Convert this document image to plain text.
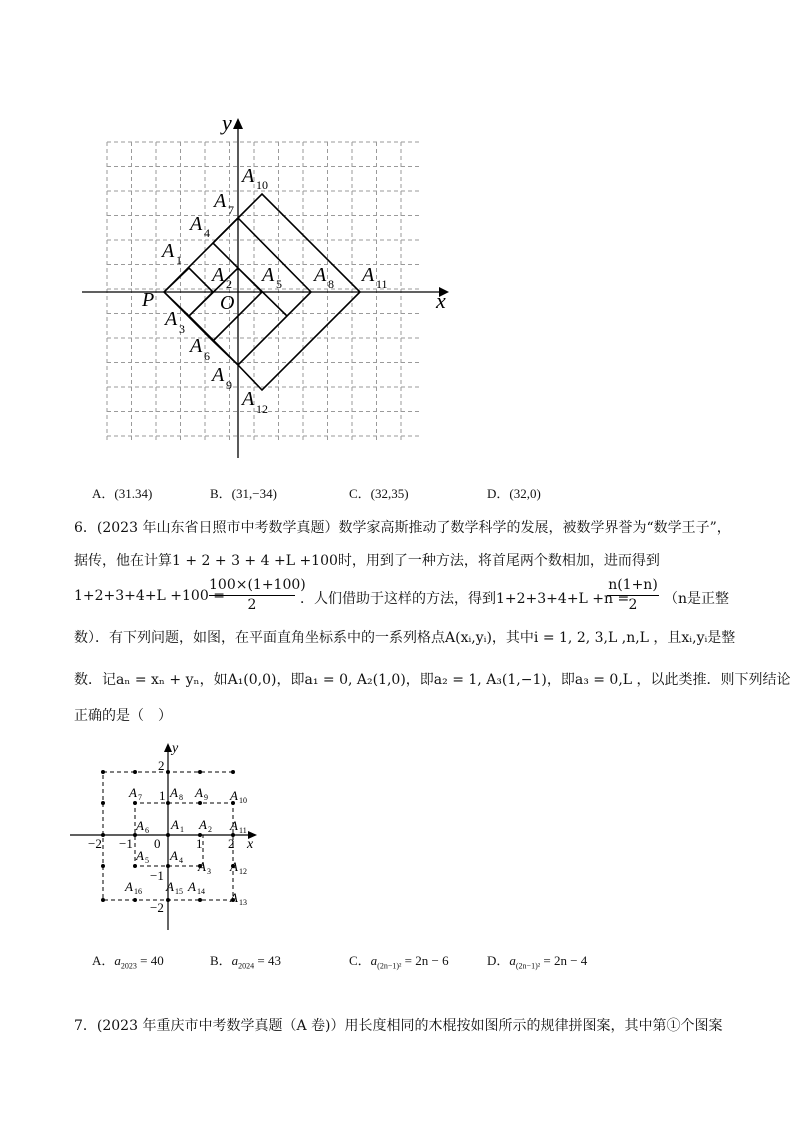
y
x
P	O
A 1
A 2
A 3
A 4
A 5
A 6
A 7
A 8
A 9
A 10
A 11
A 12
A．(31.34)	B．(31,−34)	C．(32,35)	D．(32,0)
6．(2023 年山东省日照市中考数学真题）数学家高斯推动了数学科学的发展，被数学界誉为“数学王子”，
据传，他在计算1 + 2 + 3 + 4 +L +100时，用到了一种方法，将首尾两个数相加，进而得到
1+2+3+4+L +100 =
$\frac{100\times(1+100)}{2}$ ．人们借助于这样的方法，得到1+2+3+4+L +n =
$\frac{n(1+n)}{2} (n$是正整
数）．有下列问题，如图，在平面直角坐标系中的一系列格点A(xᵢ,yᵢ)，其中i = 1, 2, 3,L ,n,L ，且xᵢ,yᵢ是整
数．记aₙ = xₙ + yₙ，如A₁(0,0)，即a₁ = 0, A₂(1,0)，即a₂ = 1, A₃(1,−1)，即a₃ = 0,L ，以此类推．则下列结论
正确的是（　）
y
x
2
1
0
−2 −1	1 2
−1
−2
A 1 A 2
A 3
A 4
A 5
A 6
A 7 A 8 A 9 A 10
A 11
A 12
A 13
A 14
A 15
A 16
A．$a_{2023} = 40$	B．$a_{2024} = 43$	C．$a_{(2n-1)^2} = 2n - 6$	D．$a_{(2n-1)^2} = 2n - 4$
7．(2023 年重庆市中考数学真题（A 卷)）用长度相同的木棍按如图所示的规律拼图案，其中第①个图案
